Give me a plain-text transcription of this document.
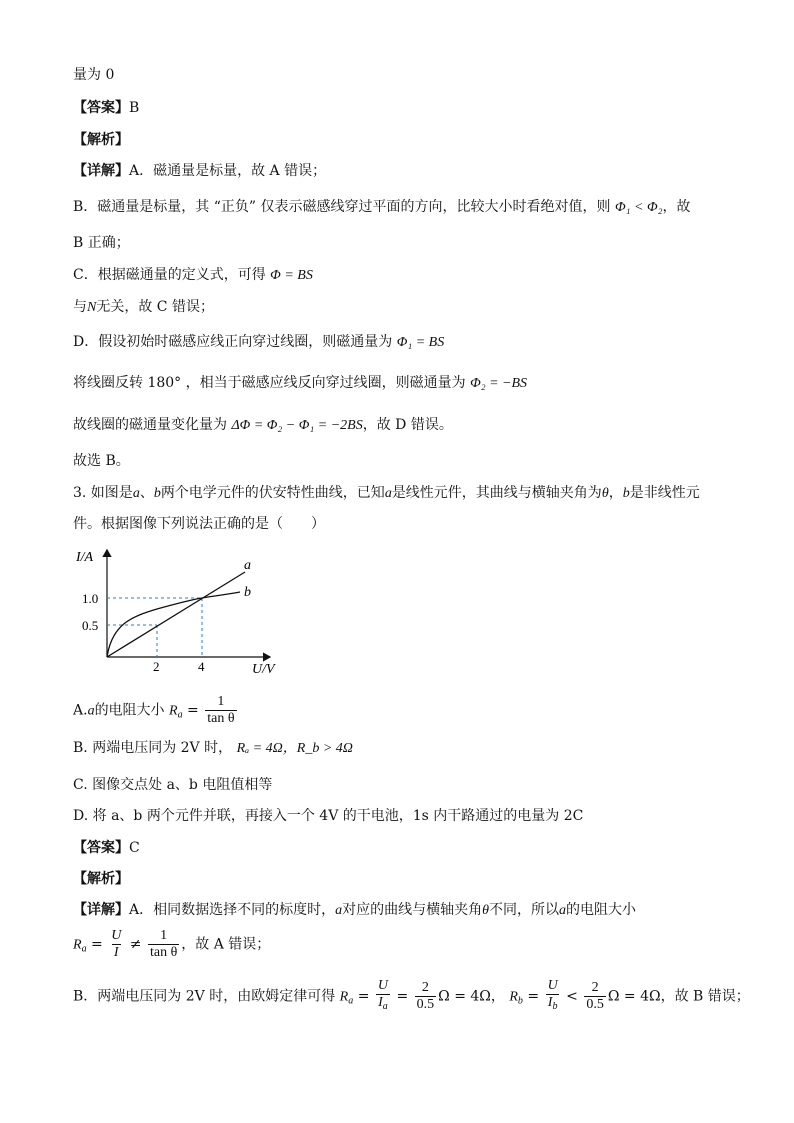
量为 0
【答案】B
【解析】
【详解】A．磁通量是标量，故 A 错误；
B．磁通量是标量，其 “正负” 仅表示磁感线穿过平面的方向，比较大小时看绝对值，则 Φ₁ < Φ₂，故
B 正确；
C．根据磁通量的定义式，可得 Φ = BS
与N无关，故 C 错误；
D．假设初始时磁感应线正向穿过线圈，则磁通量为 Φ₁ = BS
将线圈反转 180° ，相当于磁感应线反向穿过线圈，则磁通量为 Φ₂ = −BS
故线圈的磁通量变化量为 ΔΦ = Φ₂ − Φ₁ = −2BS，故 D 错误。
故选 B。
3. 如图是a、b两个电学元件的伏安特性曲线，已知a是线性元件，其曲线与横轴夹角为θ，b是非线性元
件。根据图像下列说法正确的是（　　）
I/A
U/V
1.0
0.5
2	4
a
b
A.a的电阻大小 $R_a = \frac{1}{\text{tan θ}}$
B. 两端电压同为 2V 时， Rₐ = 4Ω，R_b > 4Ω
C. 图像交点处 a、b 电阻值相等
D. 将 a、b 两个元件并联，再接入一个 4V 的干电池，1s 内干路通过的电量为 2C
【答案】C
【解析】
【详解】A．相同数据选择不同的标度时，a对应的曲线与横轴夹角θ不同，所以a的电阻大小
$R_a = \frac{U}{I} \ne \frac{1}{\text{tan θ}}$ ，故 A 错误；
B．两端电压同为 2V 时，由欧姆定律可得 $R_a = \frac{U}{I_a} = \frac{2}{0.5}$ Ω = 4Ω， $R_b = \frac{U}{I_b} < \frac{2}{0.5}$ Ω = 4Ω，故 B 错误；
